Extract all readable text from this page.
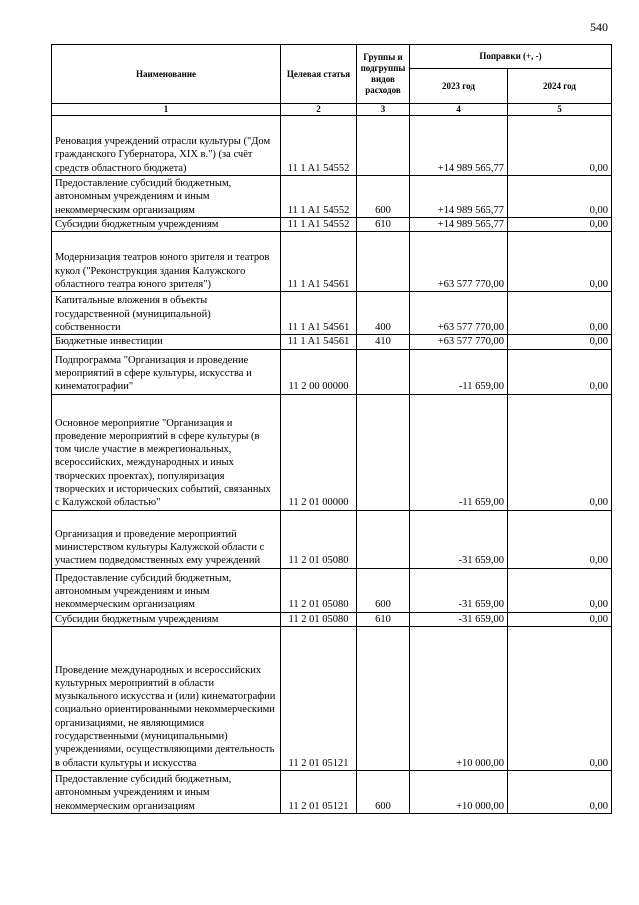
540
Наименование	Целевая статья	Группы и подгруппы видов расходов	Поправки (+, -)	
			2023 год	2024 год
1	2	3	4	5
Реновация учреждений отрасли культуры ("Дом гражданского Губернатора, XIX в.") (за счёт средств областного бюджета)	11 1 A1 54552		+14 989 565,77	0,00
Предоставление субсидий бюджетным, автономным учреждениям и иным некоммерческим организациям	11 1 A1 54552	600	+14 989 565,77	0,00
Субсидии бюджетным учреждениям	11 1 A1 54552	610	+14 989 565,77	0,00
Модернизация театров юного зрителя и театров кукол ("Реконструкция здания Калужского областного театра юного зрителя")	11 1 A1 54561		+63 577 770,00	0,00
Капитальные вложения в объекты государственной (муниципальной) собственности	11 1 A1 54561	400	+63 577 770,00	0,00
Бюджетные инвестиции	11 1 A1 54561	410	+63 577 770,00	0,00
Подпрограмма "Организация и проведение мероприятий в сфере культуры, искусства и кинематографии"	11 2 00 00000		-11 659,00	0,00
Основное мероприятие "Организация и проведение мероприятий в сфере культуры (в том числе участие в межрегиональных, всероссийских, международных и иных творческих проектах), популяризация творческих и исторических событий, связанных с Калужской областью"	11 2 01 00000		-11 659,00	0,00
Организация и проведение мероприятий министерством культуры Калужской области с участием подведомственных ему учреждений	11 2 01 05080		-31 659,00	0,00
Предоставление субсидий бюджетным, автономным учреждениям и иным некоммерческим организациям	11 2 01 05080	600	-31 659,00	0,00
Субсидии бюджетным учреждениям	11 2 01 05080	610	-31 659,00	0,00
Проведение международных и всероссийских культурных мероприятий в области музыкального искусства и (или) кинематографии социально ориентированными некоммерческими организациями, не являющимися государственными (муниципальными) учреждениями, осуществляющими деятельность в области культуры и искусства	11 2 01 05121		+10 000,00	0,00
Предоставление субсидий бюджетным, автономным учреждениям и иным некоммерческим организациям	11 2 01 05121	600	+10 000,00	0,00
